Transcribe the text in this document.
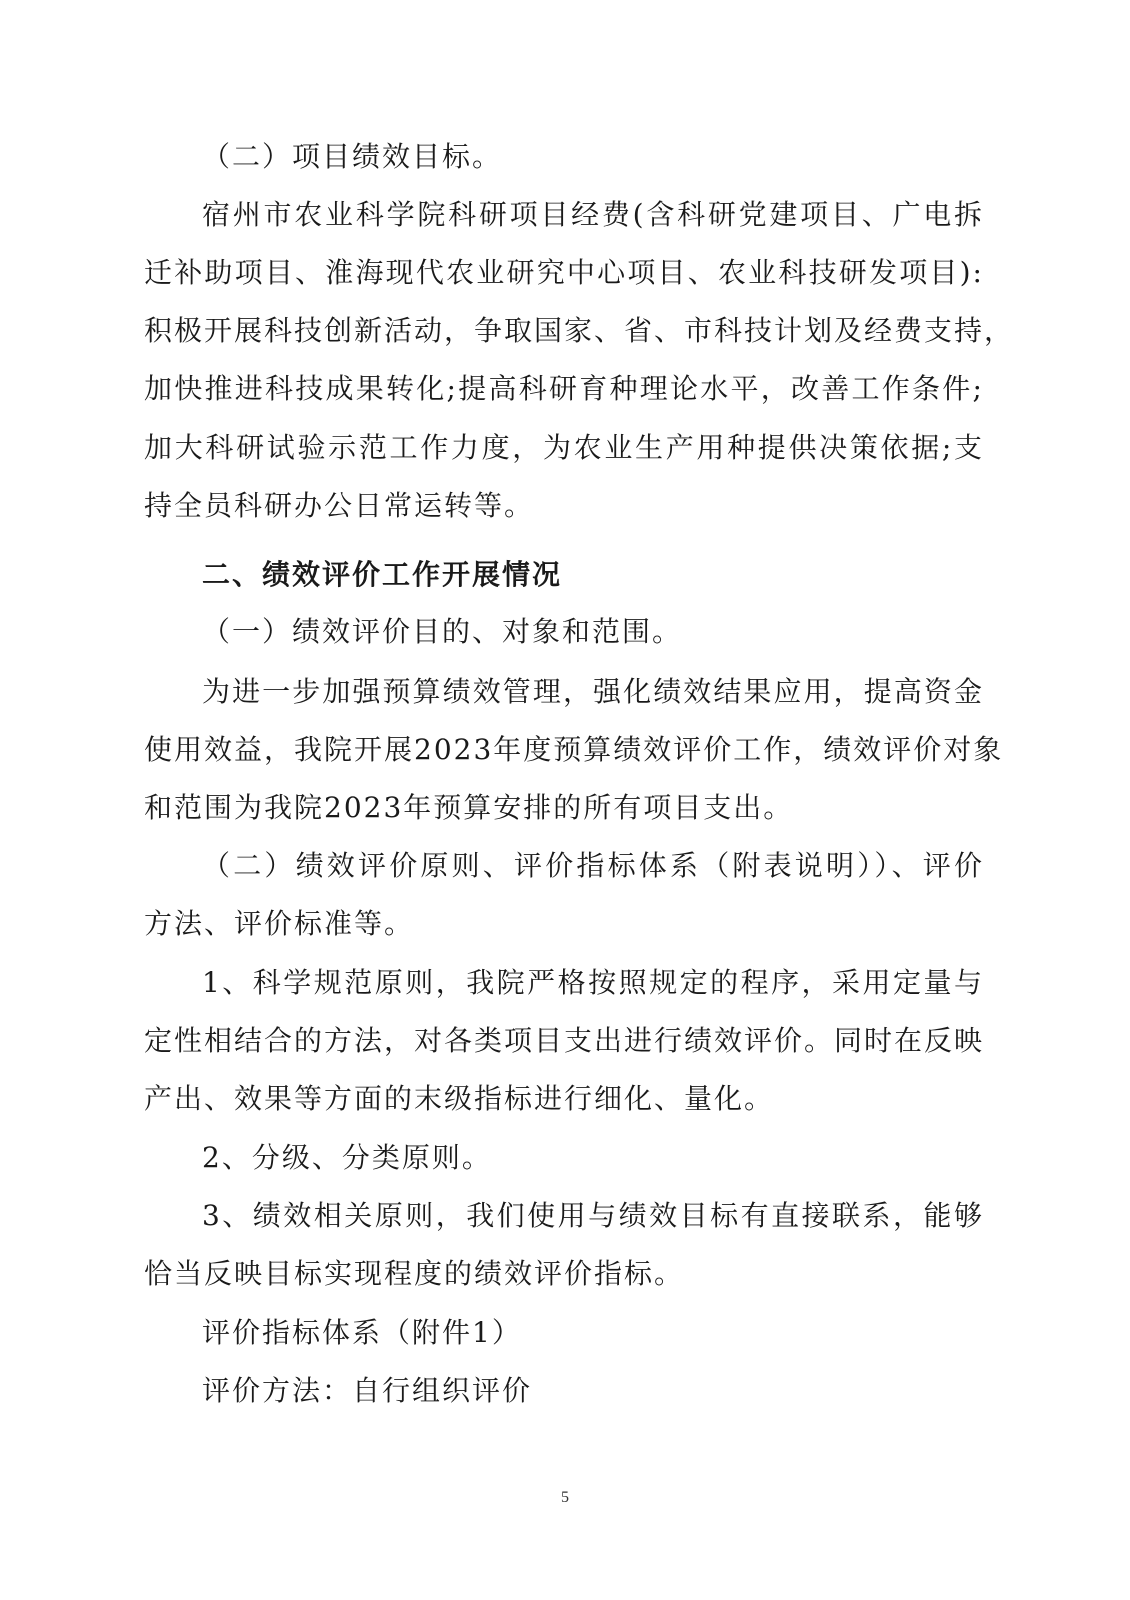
（二）项目绩效目标。
宿州市农业科学院科研项目经费(含科研党建项目、广电拆
迁补助项目、淮海现代农业研究中心项目、农业科技研发项目):
积极开展科技创新活动，争取国家、省、市科技计划及经费支持，
加快推进科技成果转化;提高科研育种理论水平，改善工作条件;
加大科研试验示范工作力度，为农业生产用种提供决策依据;支
持全员科研办公日常运转等。
二、绩效评价工作开展情况
（一）绩效评价目的、对象和范围。
为进一步加强预算绩效管理，强化绩效结果应用，提高资金
使用效益，我院开展2023年度预算绩效评价工作，绩效评价对象
和范围为我院2023年预算安排的所有项目支出。
（二）绩效评价原则、评价指标体系（附表说明））、评价
方法、评价标准等。
1、科学规范原则，我院严格按照规定的程序，采用定量与
定性相结合的方法，对各类项目支出进行绩效评价。同时在反映
产出、效果等方面的末级指标进行细化、量化。
2、分级、分类原则。
3、绩效相关原则，我们使用与绩效目标有直接联系，能够
恰当反映目标实现程度的绩效评价指标。
评价指标体系（附件1）
评价方法：自行组织评价
5
